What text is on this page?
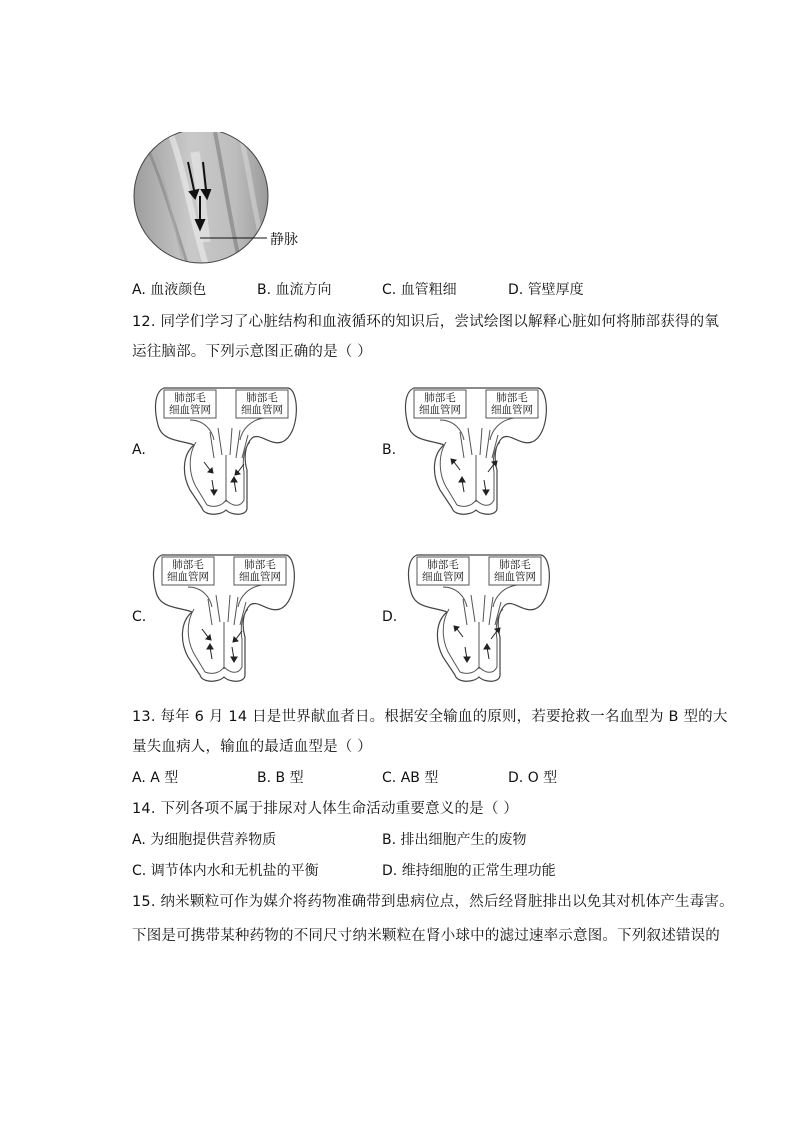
静脉
A. 血液颜色	B. 血流方向	C. 血管粗细	D. 管壁厚度
12. 同学们学习了心脏结构和血液循环的知识后，尝试绘图以解释心脏如何将肺部获得的氧
运往脑部。下列示意图正确的是（ ）
A.	B.
C.	D.
肺部毛
细血管网
肺部毛
细血管网
肺部毛
细血管网
肺部毛
细血管网
肺部毛
细血管网
肺部毛
细血管网
肺部毛
细血管网
肺部毛
细血管网
13. 每年 6 月 14 日是世界献血者日。根据安全输血的原则，若要抢救一名血型为 B 型的大
量失血病人，输血的最适血型是（ ）
A. A 型	B. B 型	C. AB 型	D. O 型
14. 下列各项不属于排尿对人体生命活动重要意义的是（ ）
A. 为细胞提供营养物质	B. 排出细胞产生的废物
C. 调节体内水和无机盐的平衡	D. 维持细胞的正常生理功能
15. 纳米颗粒可作为媒介将药物准确带到患病位点，然后经肾脏排出以免其对机体产生毒害。
下图是可携带某种药物的不同尺寸纳米颗粒在肾小球中的滤过速率示意图。下列叙述错误的
